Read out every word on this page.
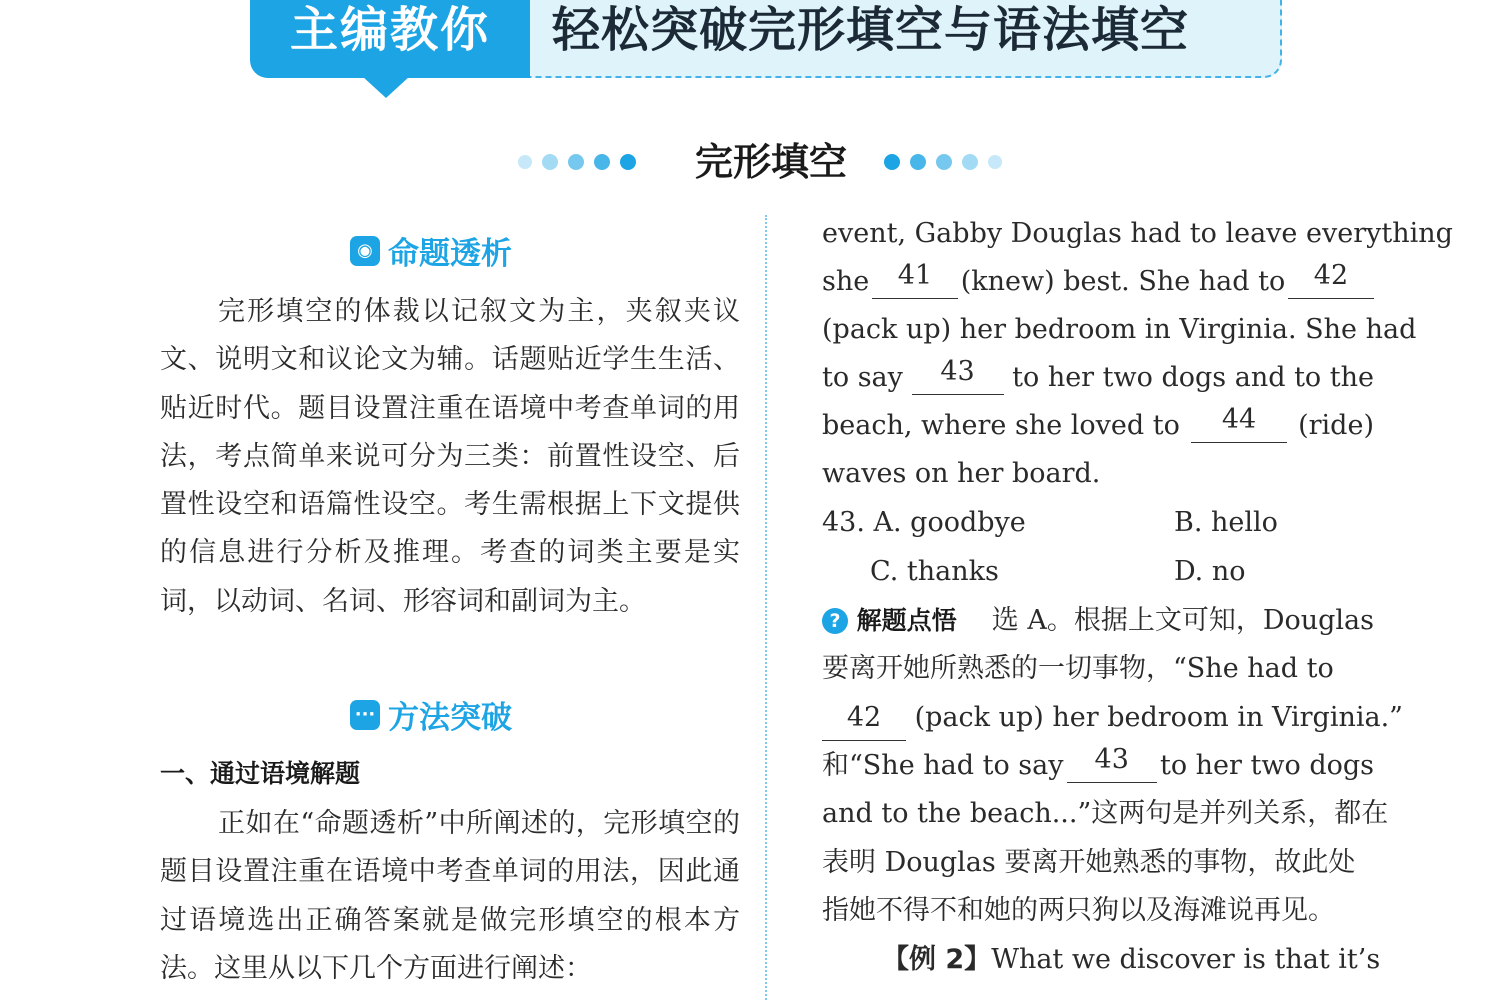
主编教你	轻松突破完形填空与语法填空
完形填空
◉ 命题透析
完形填空的体裁以记叙文为主，夹叙夹议文、说明文和议论文为辅。话题贴近学生生活、贴近时代。题目设置注重在语境中考查单词的用法，考点简单来说可分为三类：前置性设空、后置性设空和语篇性设空。考生需根据上下文提供的信息进行分析及推理。考查的词类主要是实词，以动词、名词、形容词和副词为主。
··· 方法突破
一、通过语境解题
正如在“命题透析”中所阐述的，完形填空的题目设置注重在语境中考查单词的用法，因此通过语境选出正确答案就是做完形填空的根本方法。这里从以下几个方面进行阐述：
event, Gabby Douglas had to leave everything
she	41	(knew) best. She had to	42
(pack up) her bedroom in Virginia. She had
to say	43	to her two dogs and to the
beach, where she loved to	44	(ride)
waves on her board.
43. A. goodbye	B. hello
C. thanks	D. no
? 解题点悟 选 A。根据上文可知，Douglas
要离开她所熟悉的一切事物，“She had to
42 (pack up) her bedroom in Virginia.”
和“She had to say	43	to her two dogs
and to the beach...”这两句是并列关系，都在
表明 Douglas 要离开她熟悉的事物，故此处
指她不得不和她的两只狗以及海滩说再见。
【例 2】 What we discover is that it’s
